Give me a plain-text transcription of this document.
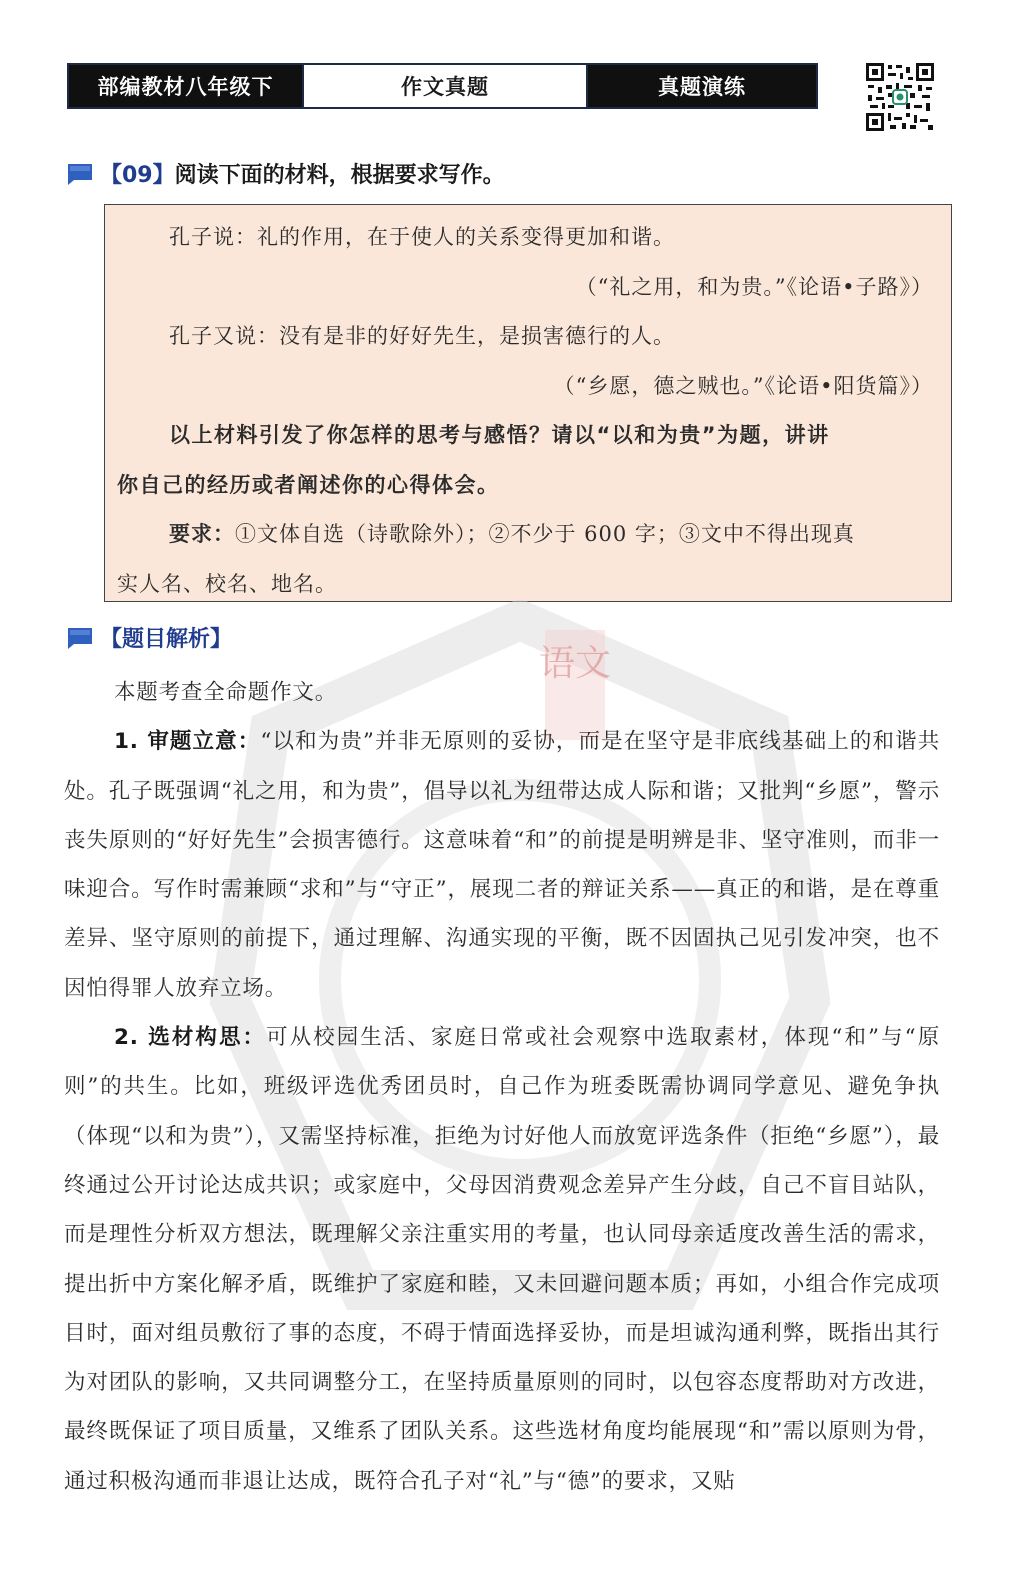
部编教材八年级下	作文真题	真题演练
【09】 阅读下面的材料，根据要求写作。

孔子说：礼的作用，在于使人的关系变得更加和谐。

（“礼之用，和为贵。”《论语•子路》）

孔子又说：没有是非的好好先生，是损害德行的人。

（“乡愿，德之贼也。”《论语•阳货篇》）

以上材料引发了你怎样的思考与感悟？请以“以和为贵”为题，讲讲

你自己的经历或者阐述你的心得体会。

要求：①文体自选（诗歌除外）；②不少于 600 字；③文中不得出现真

实人名、校名、地名。

语文
【题目解析】

本题考查全命题作文。

1. 审题立意：“以和为贵”并非无原则的妥协，而是在坚守是非底线基础上的和谐共处。孔子既强调“礼之用，和为贵”，倡导以礼为纽带达成人际和谐；又批判“乡愿”，警示丧失原则的“好好先生”会损害德行。这意味着“和”的前提是明辨是非、坚守准则，而非一味迎合。写作时需兼顾“求和”与“守正”，展现二者的辩证关系——真正的和谐，是在尊重差异、坚守原则的前提下，通过理解、沟通实现的平衡，既不因固执己见引发冲突，也不因怕得罪人放弃立场。

2. 选材构思：可从校园生活、家庭日常或社会观察中选取素材，体现“和”与“原则”的共生。比如，班级评选优秀团员时，自己作为班委既需协调同学意见、避免争执（体现“以和为贵”），又需坚持标准，拒绝为讨好他人而放宽评选条件（拒绝“乡愿”），最终通过公开讨论达成共识；或家庭中，父母因消费观念差异产生分歧，自己不盲目站队，而是理性分析双方想法，既理解父亲注重实用的考量，也认同母亲适度改善生活的需求，提出折中方案化解矛盾，既维护了家庭和睦，又未回避问题本质；再如，小组合作完成项目时，面对组员敷衍了事的态度，不碍于情面选择妥协，而是坦诚沟通利弊，既指出其行为对团队的影响，又共同调整分工，在坚持质量原则的同时，以包容态度帮助对方改进，最终既保证了项目质量，又维系了团队关系。这些选材角度均能展现“和”需以原则为骨，通过积极沟通而非退让达成，既符合孔子对“礼”与“德”的要求，又贴
